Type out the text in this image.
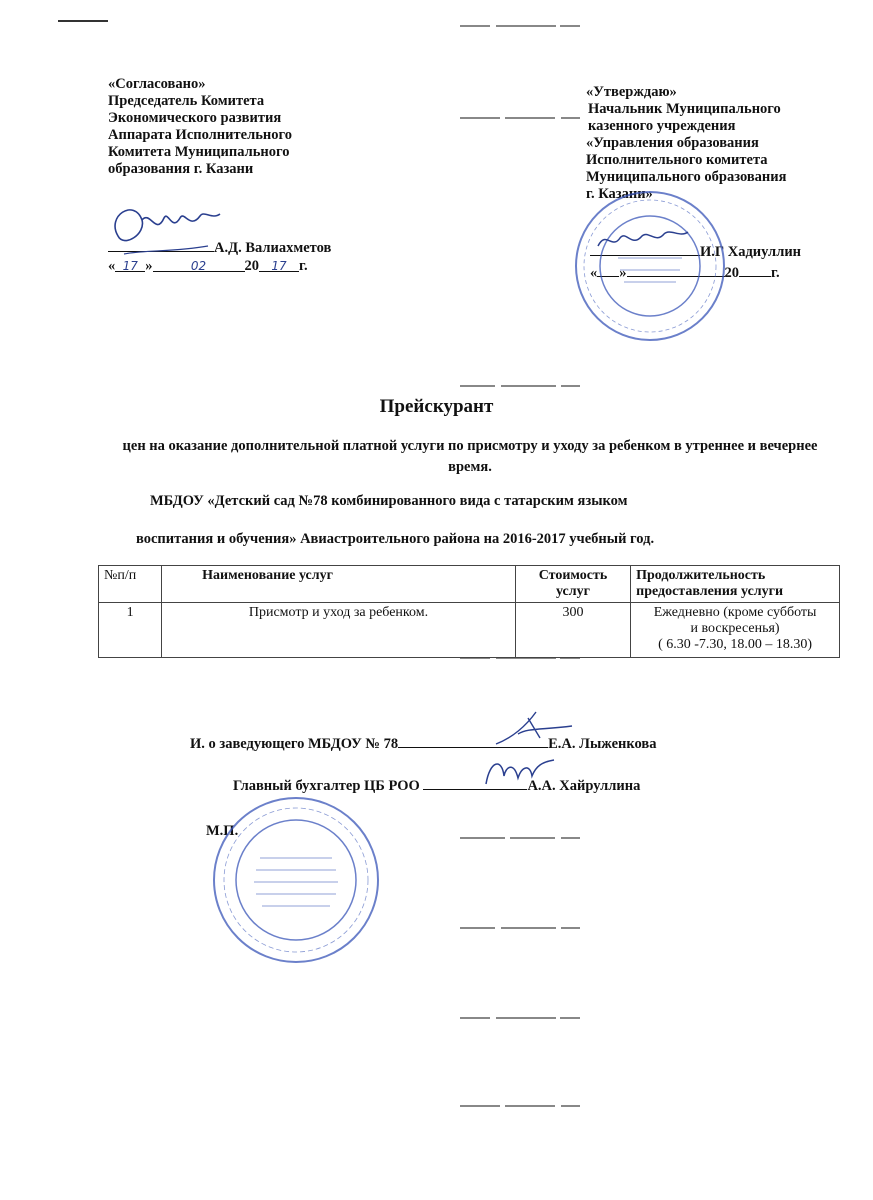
«Согласовано»
Председатель Комитета
Экономического развития
Аппарата Исполнительного
Комитета Муниципального
образования г. Казани
А.Д. Валиахметов
« 17 »	02	20 17 г.
«Утверждаю»
Начальник Муниципального
казенного учреждения
«Управления образования
Исполнительного комитета
Муниципального образования
г. Казани»
И.Г Хадиуллин
« »	20 г.
Прейскурант
цен на оказание дополнительной платной услуги по присмотру и уходу за ребенком в утреннее и вечернее время.
МБДОУ «Детский сад №78 комбинированного вида с татарским языком
воспитания и обучения» Авиастроительного района на 2016-2017 учебный год.
№п/п	Наименование услуг	Стоимость услуг	Продолжительность предоставления услуги
1	Присмотр и уход за ребенком.	300	Ежедневно (кроме субботы
и воскресенья)
( 6.30 -7.30, 18.00 – 18.30)
И. о заведующего МБДОУ № 78	Е.А. Лыженкова
Главный бухгалтер ЦБ РОО	А.А. Хайруллина
М.П.
